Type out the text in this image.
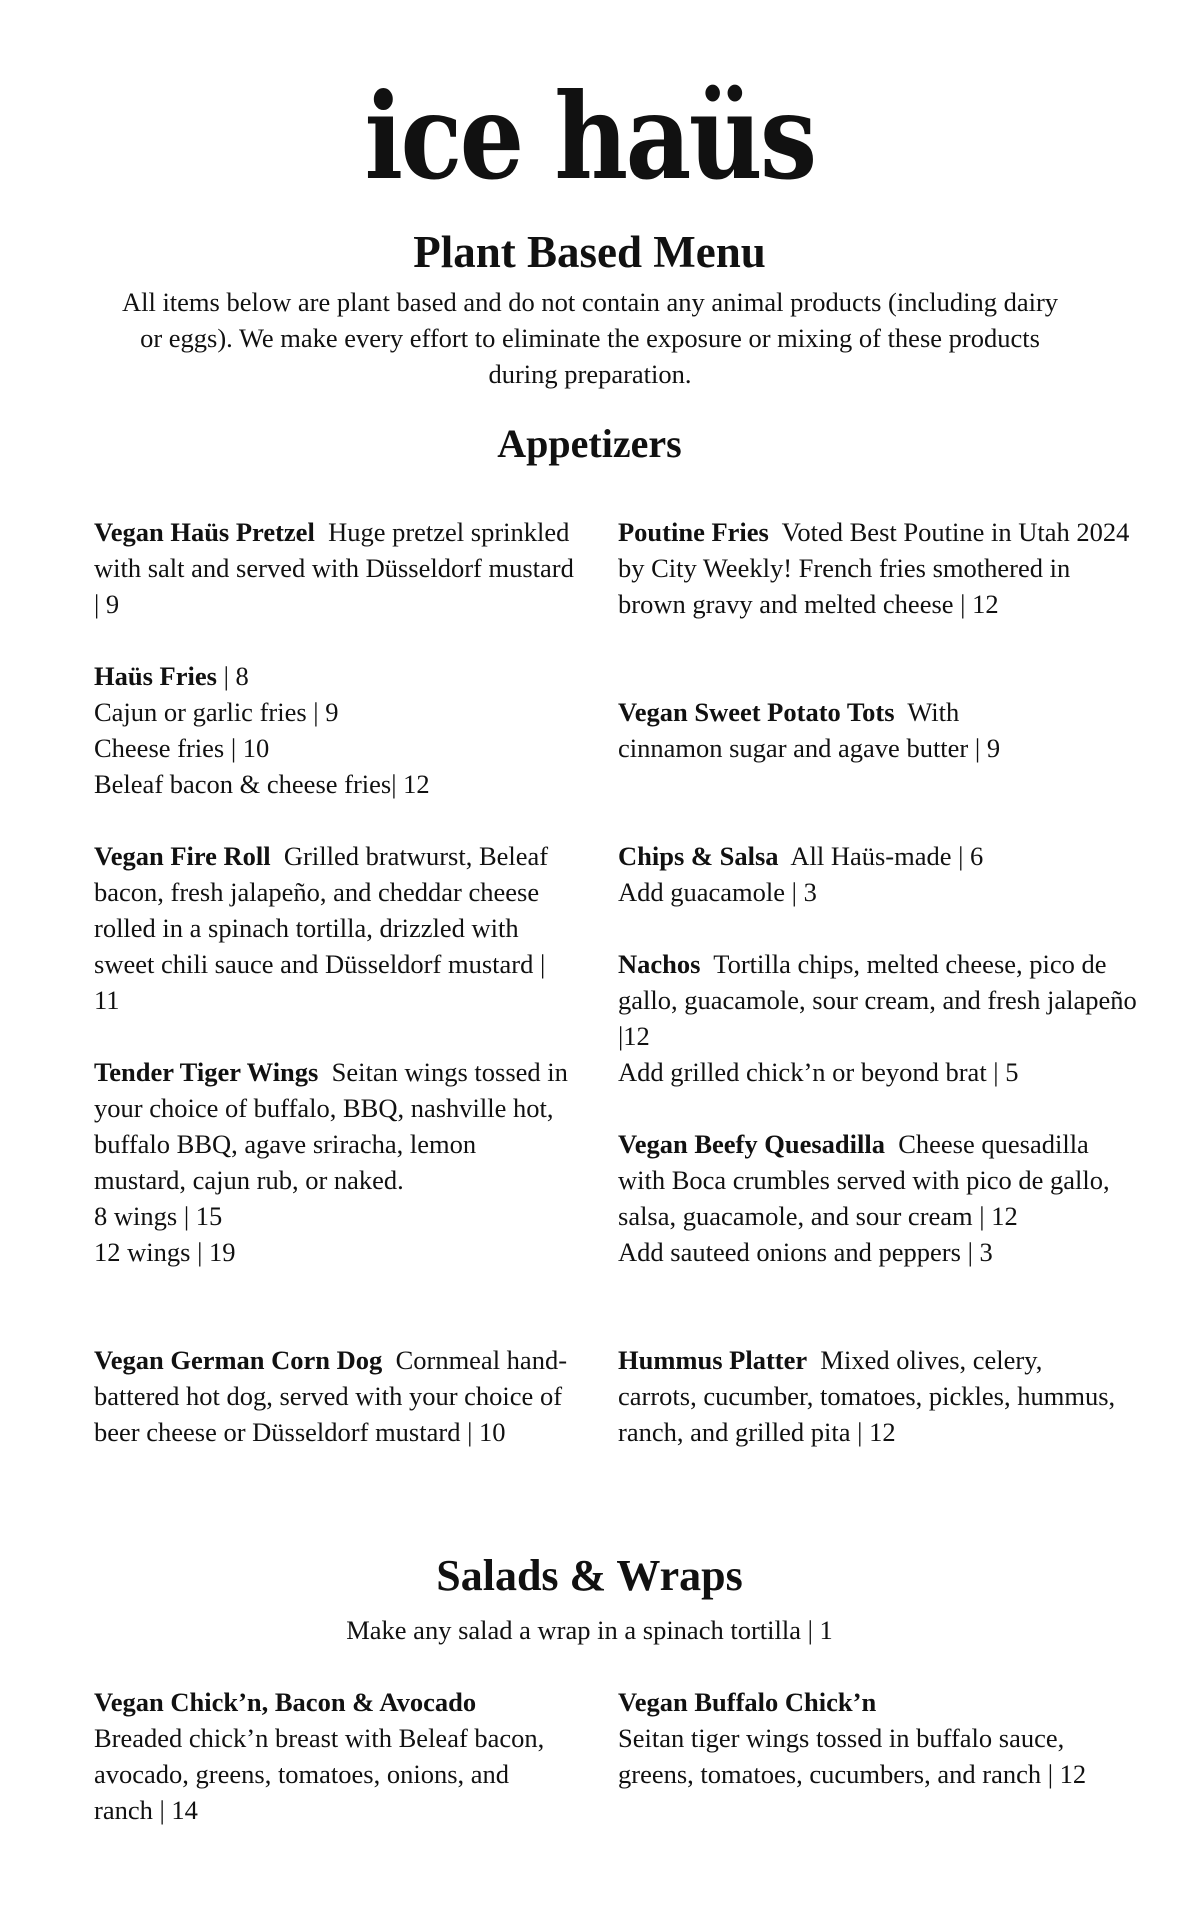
ice haüs
Plant Based Menu
All items below are plant based and do not contain any animal products (including dairy or eggs). We make every effort to eliminate the exposure or mixing of these products during preparation.
Appetizers
Vegan Haüs Pretzel Huge pretzel sprinkled with salt and served with Düsseldorf mustard | 9
Haüs Fries | 8
Cajun or garlic fries | 9
Cheese fries | 10
Beleaf bacon & cheese fries| 12
Vegan Fire Roll Grilled bratwurst, Beleaf bacon, fresh jalapeño, and cheddar cheese rolled in a spinach tortilla, drizzled with sweet chili sauce and Düsseldorf mustard | 11
Tender Tiger Wings Seitan wings tossed in your choice of buffalo, BBQ, nashville hot, buffalo BBQ, agave sriracha, lemon mustard, cajun rub, or naked.
8 wings | 15
12 wings | 19
Vegan German Corn Dog Cornmeal hand-battered hot dog, served with your choice of beer cheese or Düsseldorf mustard | 10
Poutine Fries Voted Best Poutine in Utah 2024 by City Weekly! French fries smothered in brown gravy and melted cheese | 12
Vegan Sweet Potato Tots With cinnamon sugar and agave butter | 9
Chips & Salsa All Haüs-made | 6
Add guacamole | 3
Nachos Tortilla chips, melted cheese, pico de gallo, guacamole, sour cream, and fresh jalapeño |12
Add grilled chick’n or beyond brat | 5
Vegan Beefy Quesadilla Cheese quesadilla with Boca crumbles served with pico de gallo, salsa, guacamole, and sour cream | 12
Add sauteed onions and peppers | 3
Hummus Platter Mixed olives, celery, carrots, cucumber, tomatoes, pickles, hummus, ranch, and grilled pita | 12
Salads & Wraps
Make any salad a wrap in a spinach tortilla | 1
Vegan Chick’n, Bacon & Avocado
Breaded chick’n breast with Beleaf bacon, avocado, greens, tomatoes, onions, and ranch | 14
Vegan Buffalo Chick’n
Seitan tiger wings tossed in buffalo sauce, greens, tomatoes, cucumbers, and ranch | 12
